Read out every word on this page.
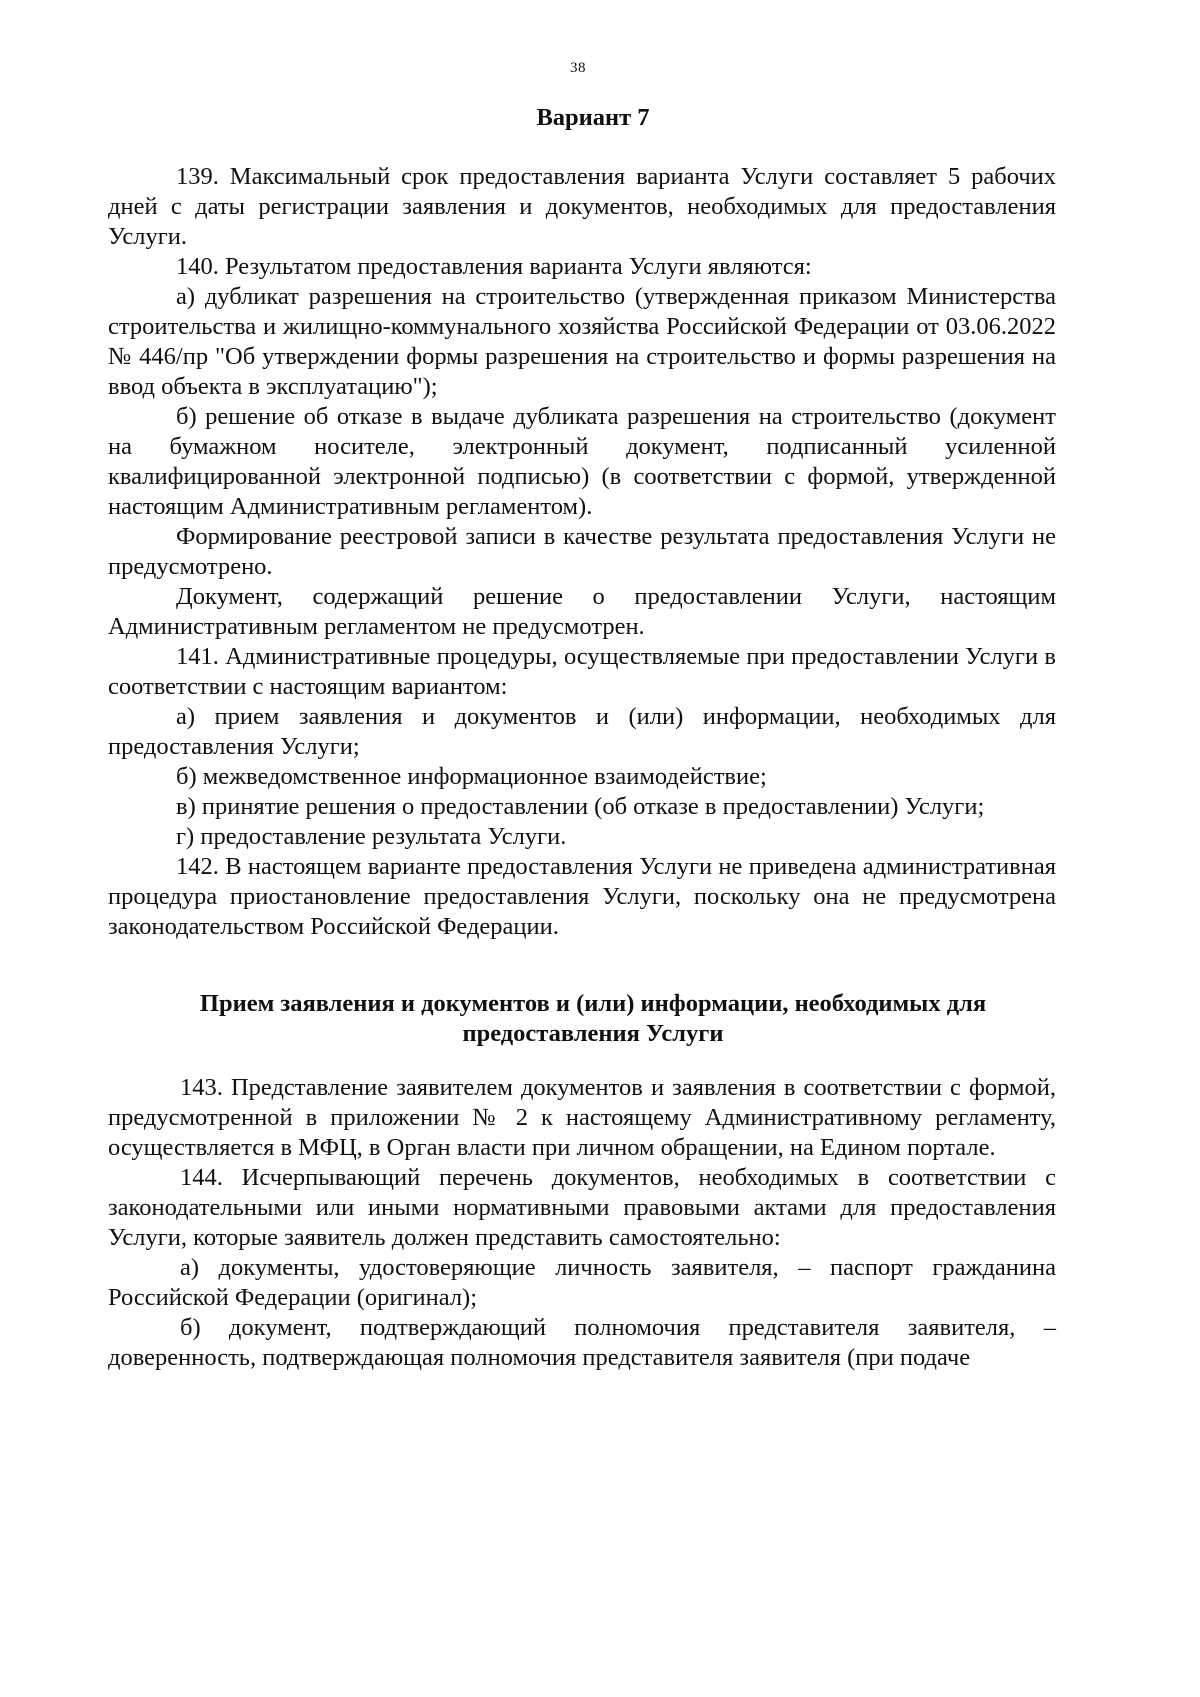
38
Вариант 7

139. Максимальный срок предоставления варианта Услуги составляет 5 рабочих дней с даты регистрации заявления и документов, необходимых для предоставления Услуги.

140. Результатом предоставления варианта Услуги являются:

а) дубликат разрешения на строительство (утвержденная приказом Министерства строительства и жилищно-коммунального хозяйства Российской Федерации от 03.06.2022 № 446/пр "Об утверждении формы разрешения на строительство и формы разрешения на ввод объекта в эксплуатацию");

б) решение об отказе в выдаче дубликата разрешения на строительство (документ на бумажном носителе, электронный документ, подписанный усиленной квалифицированной электронной подписью) (в соответствии с формой, утвержденной настоящим Административным регламентом).

Формирование реестровой записи в качестве результата предоставления Услуги не предусмотрено.

Документ, содержащий решение о предоставлении Услуги, настоящим Административным регламентом не предусмотрен.

141. Административные процедуры, осуществляемые при предоставлении Услуги в соответствии с настоящим вариантом:

а) прием заявления и документов и (или) информации, необходимых для предоставления Услуги;

б) межведомственное информационное взаимодействие;

в) принятие решения о предоставлении (об отказе в предоставлении) Услуги;

г) предоставление результата Услуги.

142. В настоящем варианте предоставления Услуги не приведена административная процедура приостановление предоставления Услуги, поскольку она не предусмотрена законодательством Российской Федерации.

Прием заявления и документов и (или) информации, необходимых для предоставления Услуги

143. Представление заявителем документов и заявления в соответствии с формой, предусмотренной в приложении № 2 к настоящему Административному регламенту, осуществляется в МФЦ, в Орган власти при личном обращении, на Едином портале.

144. Исчерпывающий перечень документов, необходимых в соответствии с законодательными или иными нормативными правовыми актами для предоставления Услуги, которые заявитель должен представить самостоятельно:

а) документы, удостоверяющие личность заявителя, – паспорт гражданина Российской Федерации (оригинал);

б) документ, подтверждающий полномочия представителя заявителя, – доверенность, подтверждающая полномочия представителя заявителя (при подаче
